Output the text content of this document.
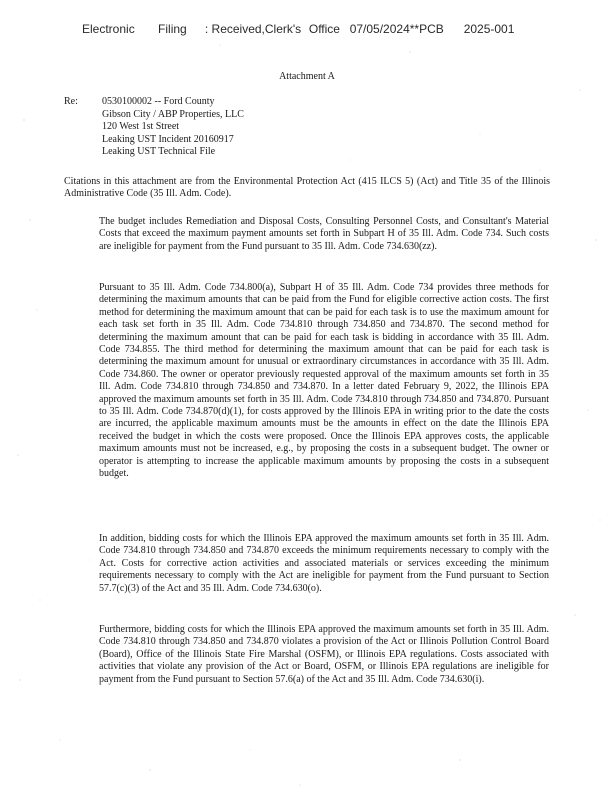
Electronic	Filing	: Received,Clerk's Office 07/05/2024**PCB 2025-001
Attachment A
Re: 0530100002 -- Ford County
Gibson City / ABP Properties, LLC
120 West 1st Street
Leaking UST Incident 20160917
Leaking UST Technical File
Citations in this attachment are from the Environmental Protection Act (415 ILCS 5) (Act) and Title 35 of the Illinois Administrative Code (35 Ill. Adm. Code).
The budget includes Remediation and Disposal Costs, Consulting Personnel Costs, and Consultant's Material Costs that exceed the maximum payment amounts set forth in Subpart H of 35 Ill. Adm. Code 734. Such costs are ineligible for payment from the Fund pursuant to 35 Ill. Adm. Code 734.630(zz).
Pursuant to 35 Ill. Adm. Code 734.800(a), Subpart H of 35 Ill. Adm. Code 734 provides three methods for determining the maximum amounts that can be paid from the Fund for eligible corrective action costs. The first method for determining the maximum amount that can be paid for each task is to use the maximum amount for each task set forth in 35 Ill. Adm. Code 734.810 through 734.850 and 734.870. The second method for determining the maximum amount that can be paid for each task is bidding in accordance with 35 Ill. Adm. Code 734.855. The third method for determining the maximum amount that can be paid for each task is determining the maximum amount for unusual or extraordinary circumstances in accordance with 35 Ill. Adm. Code 734.860. The owner or operator previously requested approval of the maximum amounts set forth in 35 Ill. Adm. Code 734.810 through 734.850 and 734.870. In a letter dated February 9, 2022, the Illinois EPA approved the maximum amounts set forth in 35 Ill. Adm. Code 734.810 through 734.850 and 734.870. Pursuant to 35 Ill. Adm. Code 734.870(d)(1), for costs approved by the Illinois EPA in writing prior to the date the costs are incurred, the applicable maximum amounts must be the amounts in effect on the date the Illinois EPA received the budget in which the costs were proposed. Once the Illinois EPA approves costs, the applicable maximum amounts must not be increased, e.g., by proposing the costs in a subsequent budget. The owner or operator is attempting to increase the applicable maximum amounts by proposing the costs in a subsequent budget.
In addition, bidding costs for which the Illinois EPA approved the maximum amounts set forth in 35 Ill. Adm. Code 734.810 through 734.850 and 734.870 exceeds the minimum requirements necessary to comply with the Act. Costs for corrective action activities and associated materials or services exceeding the minimum requirements necessary to comply with the Act are ineligible for payment from the Fund pursuant to Section 57.7(c)(3) of the Act and 35 Ill. Adm. Code 734.630(o).
Furthermore, bidding costs for which the Illinois EPA approved the maximum amounts set forth in 35 Ill. Adm. Code 734.810 through 734.850 and 734.870 violates a provision of the Act or Illinois Pollution Control Board (Board), Office of the Illinois State Fire Marshal (OSFM), or Illinois EPA regulations. Costs associated with activities that violate any provision of the Act or Board, OSFM, or Illinois EPA regulations are ineligible for payment from the Fund pursuant to Section 57.6(a) of the Act and 35 Ill. Adm. Code 734.630(i).
